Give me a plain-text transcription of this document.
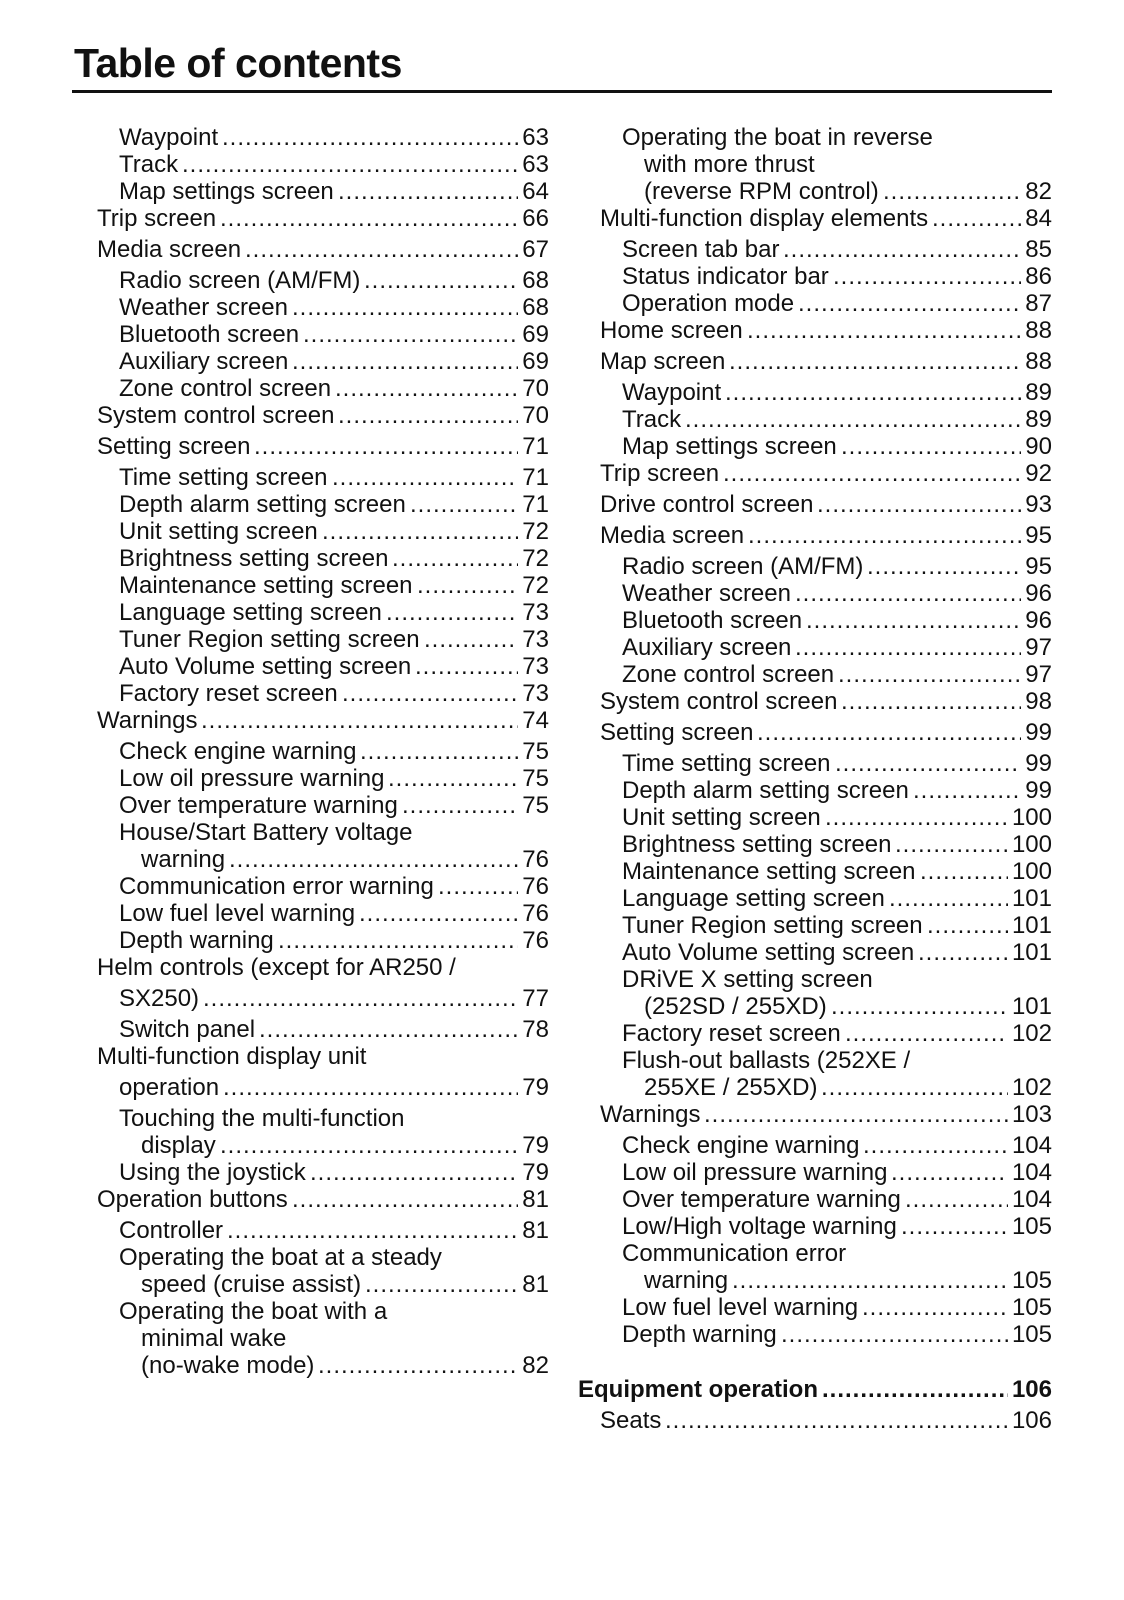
Table of contents
Waypoint .....	63
Track .....	63
Map settings screen .....	64
Trip screen .....	66
Media screen .....	67
Radio screen (AM/FM) .....	68
Weather screen .....	68
Bluetooth screen .....	69
Auxiliary screen .....	69
Zone control screen .....	70
System control screen .....	70
Setting screen .....	71
Time setting screen .....	71
Depth alarm setting screen .....	71
Unit setting screen .....	72
Brightness setting screen .....	72
Maintenance setting screen .....	72
Language setting screen .....	73
Tuner Region setting screen .....	73
Auto Volume setting screen .....	73
Factory reset screen .....	73
Warnings .....	74
Check engine warning .....	75
Low oil pressure warning .....	75
Over temperature warning .....	75
House/Start Battery voltage
warning .....	76
Communication error warning .....	76
Low fuel level warning .....	76
Depth warning .....	76
Helm controls (except for AR250 /
SX250) .....	77
Switch panel .....	78
Multi-function display unit
operation .....	79
Touching the multi-function
display .....	79
Using the joystick .....	79
Operation buttons .....	81
Controller .....	81
Operating the boat at a steady
speed (cruise assist) .....	81
Operating the boat with a
minimal wake
(no-wake mode) .....	82
Operating the boat in reverse
with more thrust
(reverse RPM control) .....	82
Multi-function display elements .....	84
Screen tab bar .....	85
Status indicator bar .....	86
Operation mode .....	87
Home screen .....	88
Map screen .....	88
Waypoint .....	89
Track .....	89
Map settings screen .....	90
Trip screen .....	92
Drive control screen .....	93
Media screen .....	95
Radio screen (AM/FM) .....	95
Weather screen .....	96
Bluetooth screen .....	96
Auxiliary screen .....	97
Zone control screen .....	97
System control screen .....	98
Setting screen .....	99
Time setting screen .....	99
Depth alarm setting screen .....	99
Unit setting screen .....	100
Brightness setting screen .....	100
Maintenance setting screen .....	100
Language setting screen .....	101
Tuner Region setting screen .....	101
Auto Volume setting screen .....	101
DRiVE X setting screen
(252SD / 255XD) .....	101
Factory reset screen .....	102
Flush-out ballasts (252XE /
255XE / 255XD) .....	102
Warnings .....	103
Check engine warning .....	104
Low oil pressure warning .....	104
Over temperature warning .....	104
Low/High voltage warning .....	105
Communication error
warning .....	105
Low fuel level warning .....	105
Depth warning .....	105
Equipment operation .....	106
Seats .....	106
